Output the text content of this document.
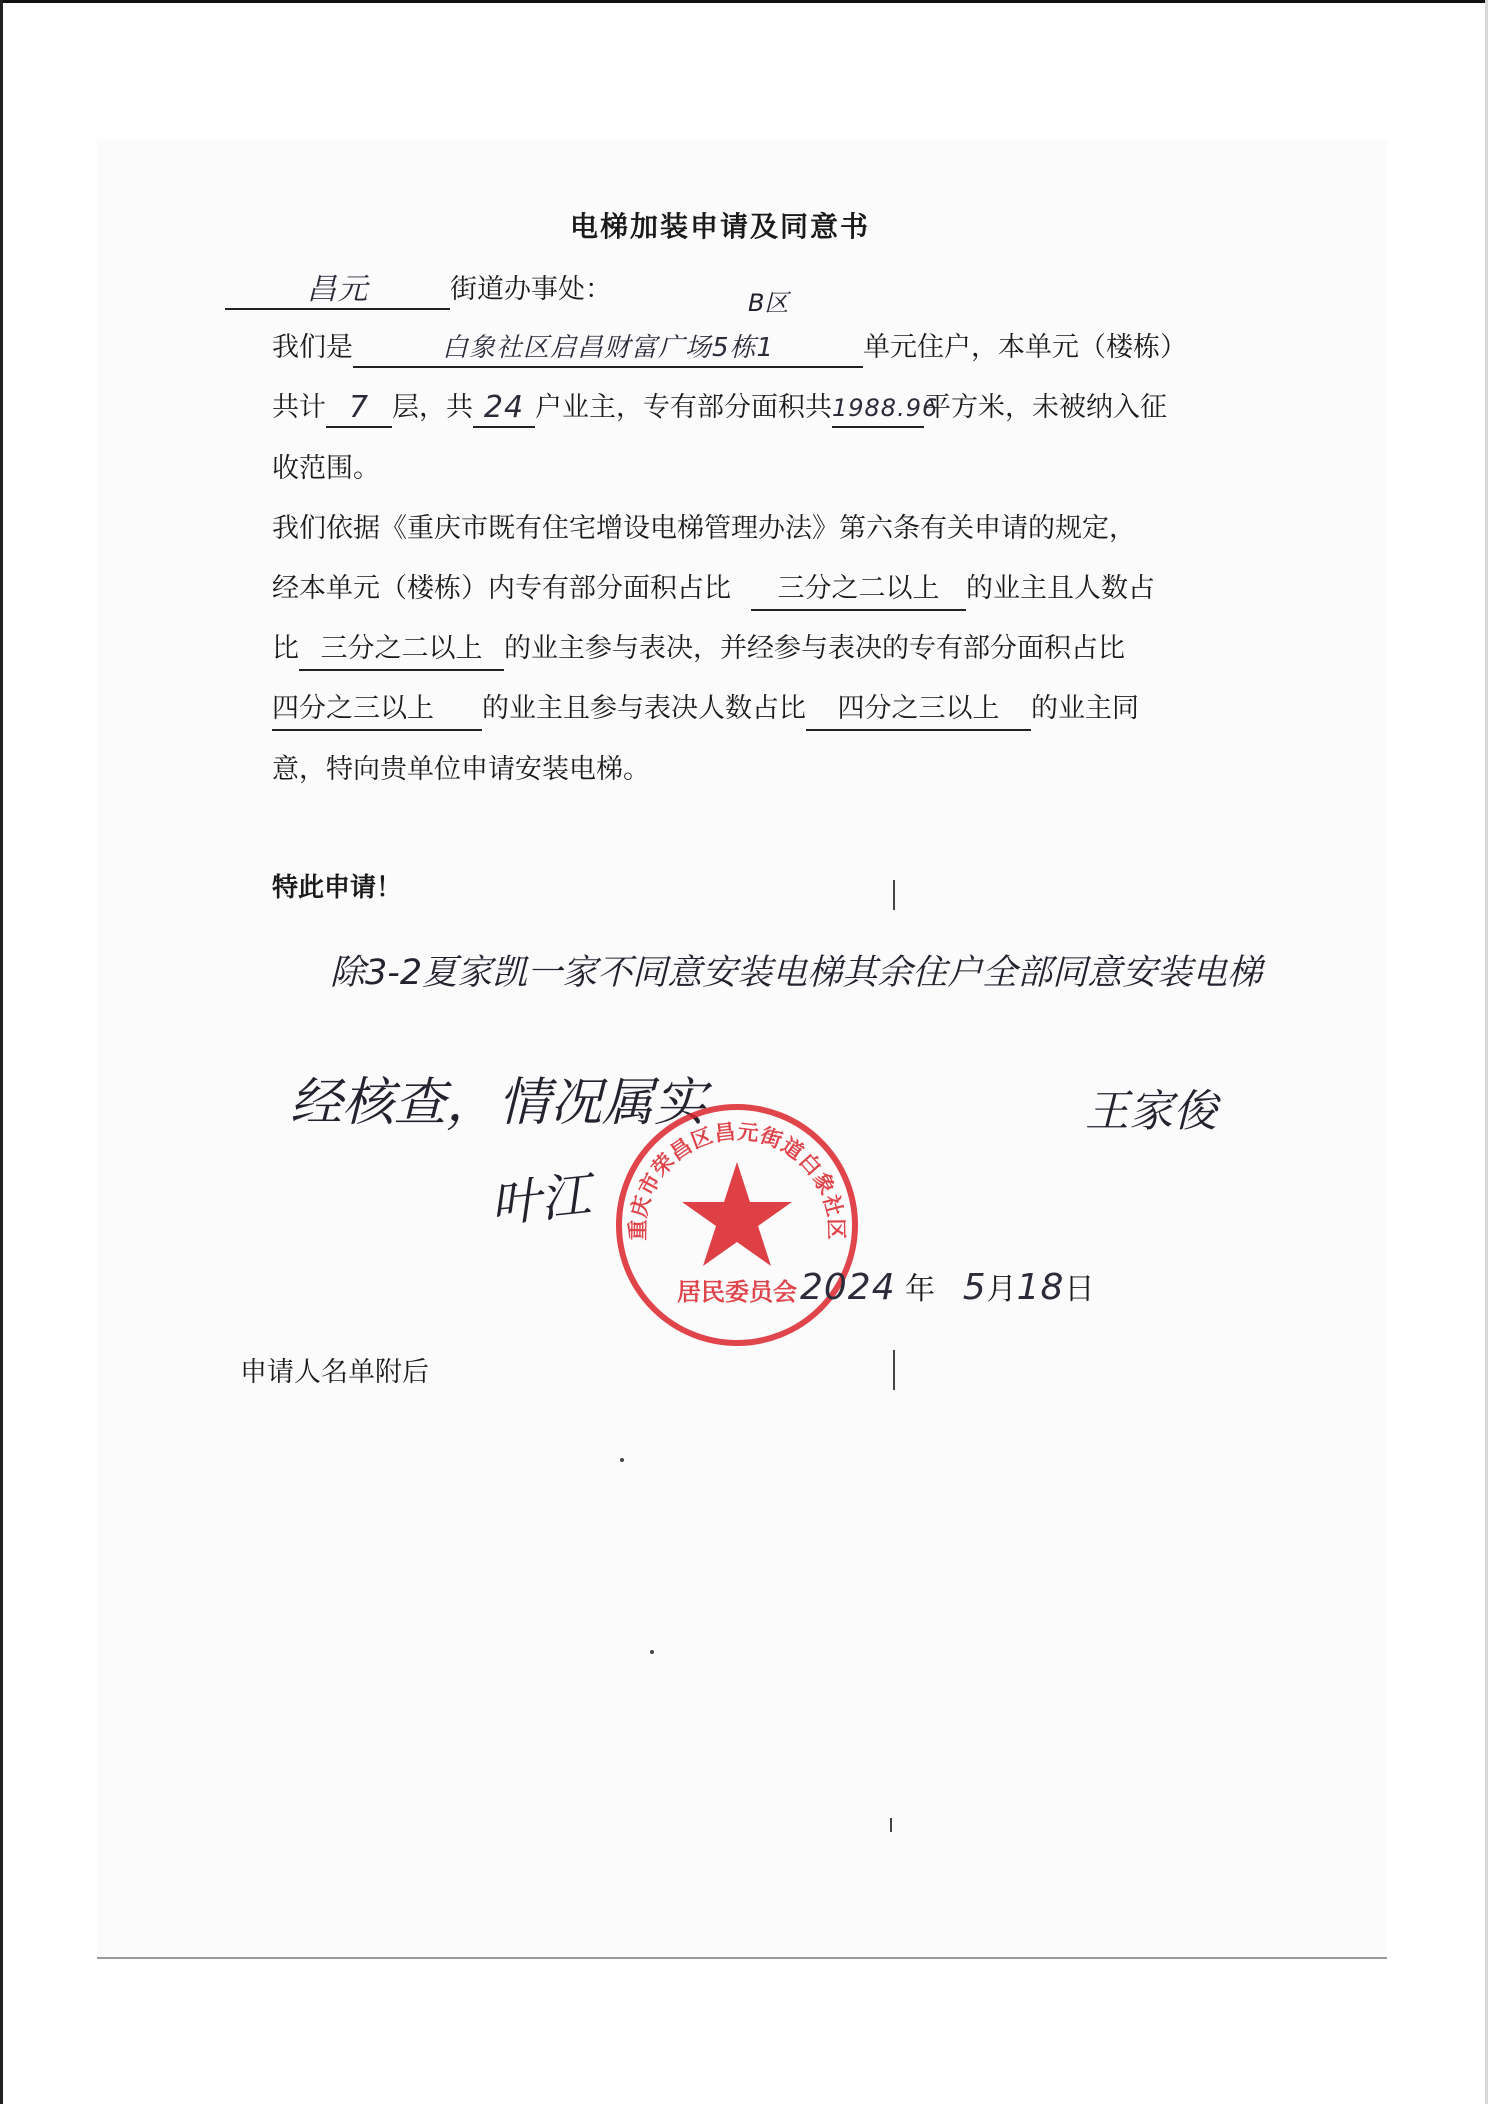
电梯加装申请及同意书
昌元	街道办事处：	B区
我们是	白象社区启昌财富广场5栋1	单元住户，本单元（楼栋）
共计 7 层，共 24 户业主，专有部分面积共1988.96平方米，未被纳入征
收范围。
我们依据《重庆市既有住宅增设电梯管理办法》第六条有关申请的规定，
经本单元（楼栋）内专有部分面积占比 三分之二以上 的业主且人数占
比 三分之二以上 的业主参与表决，并经参与表决的专有部分面积占比
四分之三以上 的业主且参与表决人数占比 四分之三以上 的业主同
意，特向贵单位申请安装电梯。
特此申请！
除3-2夏家凯一家不同意安装电梯其余住户全部同意安装电梯
经核查，情况属实
叶江
王家俊
重庆市荣昌区昌元街道白象社区
居民委员会 2024 年 5月18日
申请人名单附后
